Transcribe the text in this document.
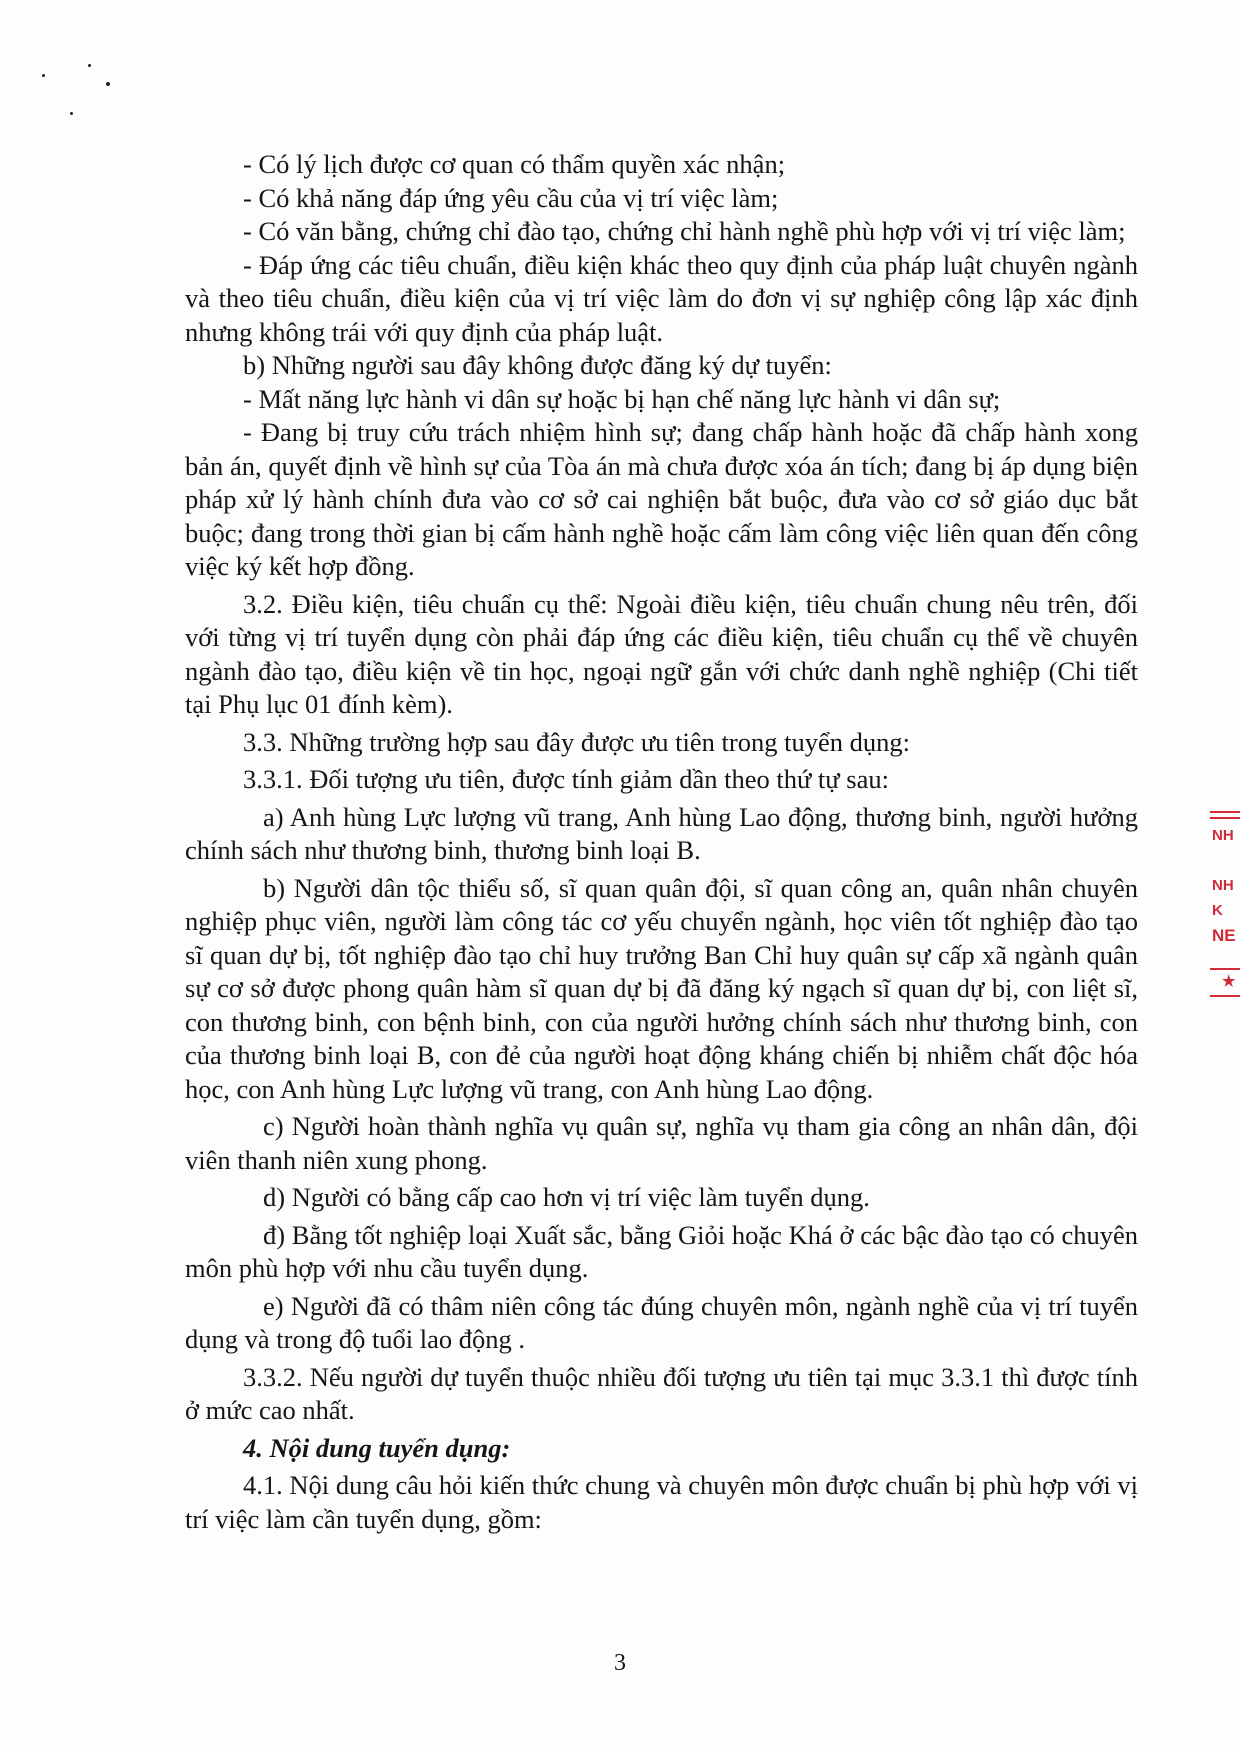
- Có lý lịch được cơ quan có thẩm quyền xác nhận;

- Có khả năng đáp ứng yêu cầu của vị trí việc làm;

- Có văn bằng, chứng chỉ đào tạo, chứng chỉ hành nghề phù hợp với vị trí việc làm;

- Đáp ứng các tiêu chuẩn, điều kiện khác theo quy định của pháp luật chuyên ngành và theo tiêu chuẩn, điều kiện của vị trí việc làm do đơn vị sự nghiệp công lập xác định nhưng không trái với quy định của pháp luật.

b) Những người sau đây không được đăng ký dự tuyển:

- Mất năng lực hành vi dân sự hoặc bị hạn chế năng lực hành vi dân sự;

- Đang bị truy cứu trách nhiệm hình sự; đang chấp hành hoặc đã chấp hành xong bản án, quyết định về hình sự của Tòa án mà chưa được xóa án tích; đang bị áp dụng biện pháp xử lý hành chính đưa vào cơ sở cai nghiện bắt buộc, đưa vào cơ sở giáo dục bắt buộc; đang trong thời gian bị cấm hành nghề hoặc cấm làm công việc liên quan đến công việc ký kết hợp đồng.

3.2. Điều kiện, tiêu chuẩn cụ thể: Ngoài điều kiện, tiêu chuẩn chung nêu trên, đối với từng vị trí tuyển dụng còn phải đáp ứng các điều kiện, tiêu chuẩn cụ thể về chuyên ngành đào tạo, điều kiện về tin học, ngoại ngữ gắn với chức danh nghề nghiệp (Chi tiết tại Phụ lục 01 đính kèm).

3.3. Những trường hợp sau đây được ưu tiên trong tuyển dụng:

3.3.1. Đối tượng ưu tiên, được tính giảm dần theo thứ tự sau:

a) Anh hùng Lực lượng vũ trang, Anh hùng Lao động, thương binh, người hưởng chính sách như thương binh, thương binh loại B.

b) Người dân tộc thiểu số, sĩ quan quân đội, sĩ quan công an, quân nhân chuyên nghiệp phục viên, người làm công tác cơ yếu chuyển ngành, học viên tốt nghiệp đào tạo sĩ quan dự bị, tốt nghiệp đào tạo chỉ huy trưởng Ban Chỉ huy quân sự cấp xã ngành quân sự cơ sở được phong quân hàm sĩ quan dự bị đã đăng ký ngạch sĩ quan dự bị, con liệt sĩ, con thương binh, con bệnh binh, con của người hưởng chính sách như thương binh, con của thương binh loại B, con đẻ của người hoạt động kháng chiến bị nhiễm chất độc hóa học, con Anh hùng Lực lượng vũ trang, con Anh hùng Lao động.

c) Người hoàn thành nghĩa vụ quân sự, nghĩa vụ tham gia công an nhân dân, đội viên thanh niên xung phong.

d) Người có bằng cấp cao hơn vị trí việc làm tuyển dụng.

đ) Bằng tốt nghiệp loại Xuất sắc, bằng Giỏi hoặc Khá ở các bậc đào tạo có chuyên môn phù hợp với nhu cầu tuyển dụng.

e) Người đã có thâm niên công tác đúng chuyên môn, ngành nghề của vị trí tuyển dụng và trong độ tuổi lao động .

3.3.2. Nếu người dự tuyển thuộc nhiều đối tượng ưu tiên tại mục 3.3.1 thì được tính ở mức cao nhất.

4. Nội dung tuyển dụng:

4.1. Nội dung câu hỏi kiến thức chung và chuyên môn được chuẩn bị phù hợp với vị trí việc làm cần tuyển dụng, gồm:

3
NH
NH
K
NE
★
